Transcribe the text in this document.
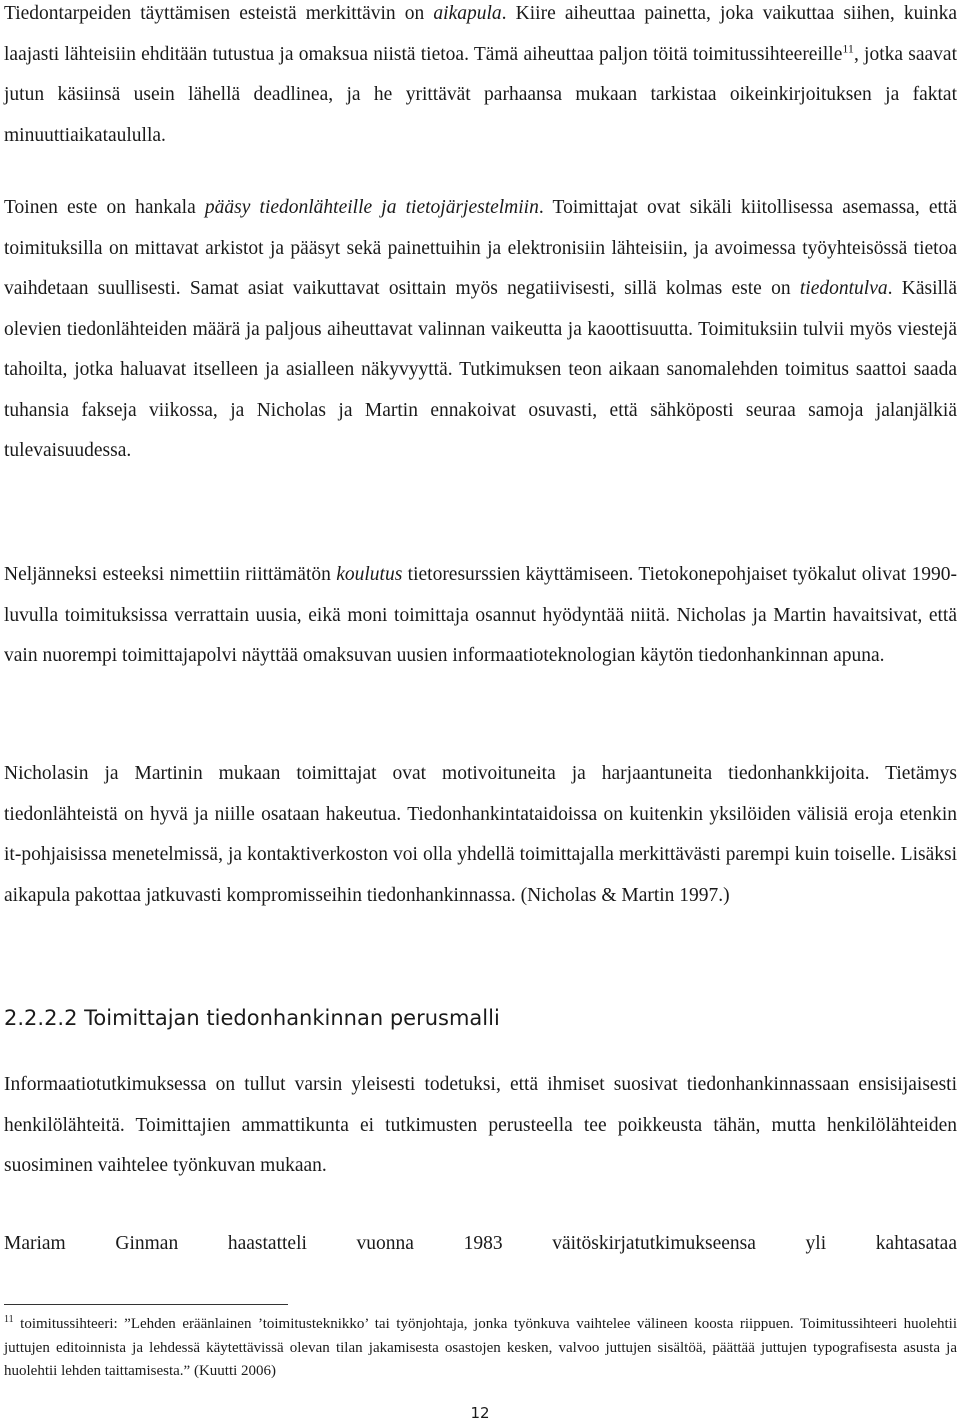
Tiedontarpeiden täyttämisen esteistä merkittävin on aikapula. Kiire aiheuttaa painetta, joka vaikuttaa siihen, kuinka laajasti lähteisiin ehditään tutustua ja omaksua niistä tietoa. Tämä aiheuttaa paljon töitä toimitussihteereille$^{11}$, jotka saavat jutun käsiinsä usein lähellä deadlinea, ja he yrittävät parhaansa mukaan tarkistaa oikeinkirjoituksen ja faktat minuuttiaikataululla.

Toinen este on hankala pääsy tiedonlähteille ja tietojärjestelmiin. Toimittajat ovat sikäli kiitollisessa asemassa, että toimituksilla on mittavat arkistot ja pääsyt sekä painettuihin ja elektronisiin lähteisiin, ja avoimessa työyhteisössä tietoa vaihdetaan suullisesti. Samat asiat vaikuttavat osittain myös negatiivisesti, sillä kolmas este on tiedontulva. Käsillä olevien tiedonlähteiden määrä ja paljous aiheuttavat valinnan vaikeutta ja kaoottisuutta. Toimituksiin tulvii myös viestejä tahoilta, jotka haluavat itselleen ja asialleen näkyvyyttä. Tutkimuksen teon aikaan sanomalehden toimitus saattoi saada tuhansia fakseja viikossa, ja Nicholas ja Martin ennakoivat osuvasti, että sähköposti seuraa samoja jalanjälkiä tulevaisuudessa.

Neljänneksi esteeksi nimettiin riittämätön koulutus tietoresurssien käyttämiseen. Tietokonepohjaiset työkalut olivat 1990-luvulla toimituksissa verrattain uusia, eikä moni toimittaja osannut hyödyntää niitä. Nicholas ja Martin havaitsivat, että vain nuorempi toimittajapolvi näyttää omaksuvan uusien informaatioteknologian käytön tiedonhankinnan apuna.

Nicholasin ja Martinin mukaan toimittajat ovat motivoituneita ja harjaantuneita tiedonhankkijoita. Tietämys tiedonlähteistä on hyvä ja niille osataan hakeutua. Tiedonhankintataidoissa on kuitenkin yksilöiden välisiä eroja etenkin it-pohjaisissa menetelmissä, ja kontaktiverkoston voi olla yhdellä toimittajalla merkittävästi parempi kuin toiselle. Lisäksi aikapula pakottaa jatkuvasti kompromisseihin tiedonhankinnassa. (Nicholas & Martin 1997.)

2.2.2.2 Toimittajan tiedonhankinnan perusmalli

Informaatiotutkimuksessa on tullut varsin yleisesti todetuksi, että ihmiset suosivat tiedonhankinnassaan ensisijaisesti henkilölähteitä. Toimittajien ammattikunta ei tutkimusten perusteella tee poikkeusta tähän, mutta henkilölähteiden suosiminen vaihtelee työnkuvan mukaan.

Mariam Ginman haastatteli vuonna 1983 väitöskirjatutkimukseensa yli kahtasataa

$^{11}$ toimitussihteeri: ”Lehden eräänlainen ’toimitusteknikko’ tai työnjohtaja, jonka työnkuva vaihtelee välineen koosta riippuen. Toimitussihteeri huolehtii juttujen editoinnista ja lehdessä käytettävissä olevan tilan jakamisesta osastojen kesken, valvoo juttujen sisältöä, päättää juttujen typografisesta asusta ja huolehtii lehden taittamisesta.” (Kuutti 2006)

12
